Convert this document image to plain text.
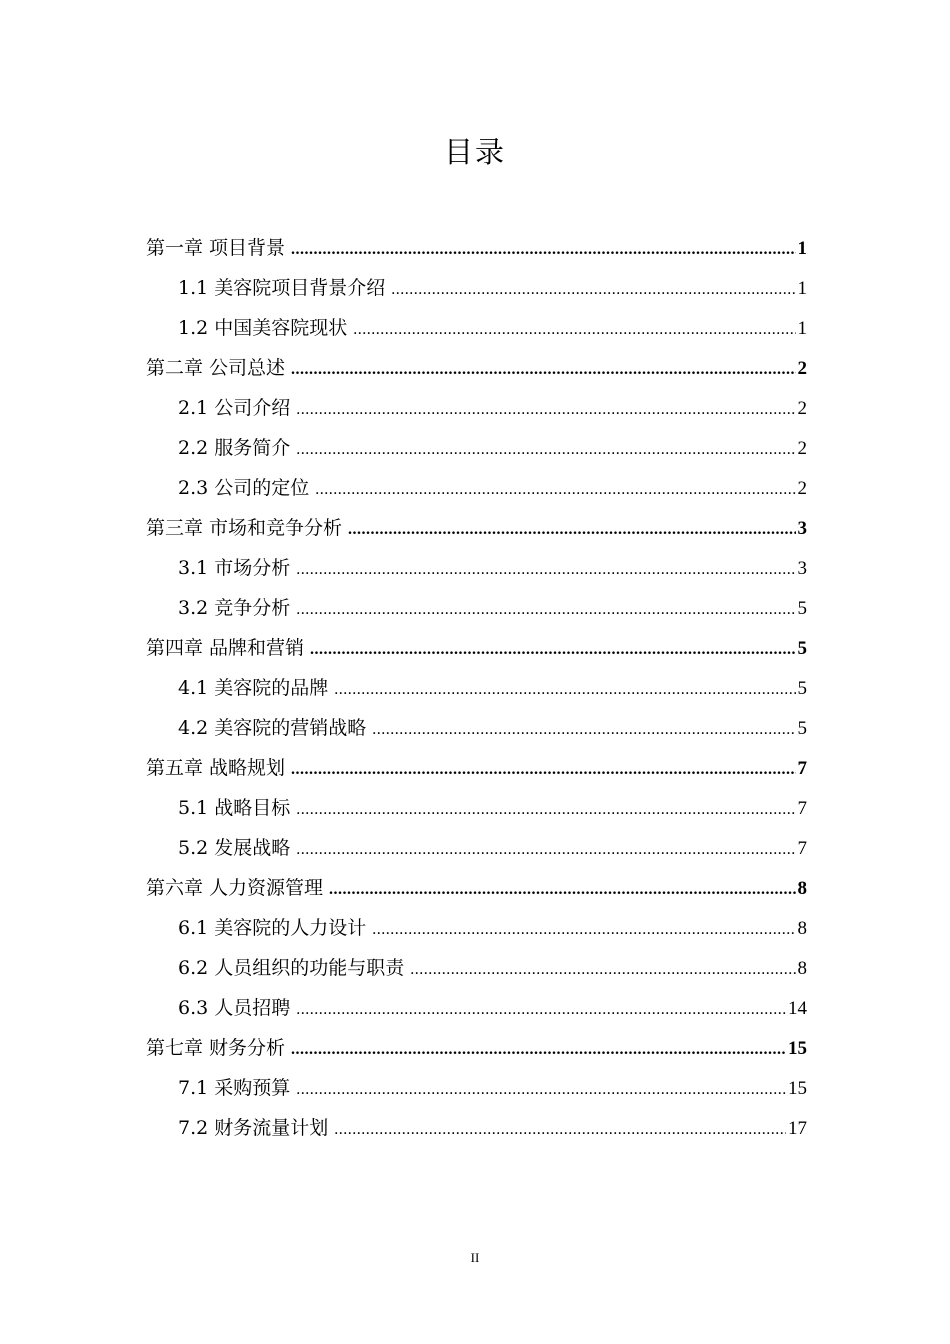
目录
第一章 项目背景 .....	1
1.1 美容院项目背景介绍 .....	1
1.2 中国美容院现状 .....	1
第二章 公司总述 .....	2
2.1 公司介绍 .....	2
2.2 服务简介 .....	2
2.3 公司的定位 .....	2
第三章 市场和竞争分析 .....	3
3.1 市场分析 .....	3
3.2 竞争分析 .....	5
第四章 品牌和营销 .....	5
4.1 美容院的品牌 .....	5
4.2 美容院的营销战略 .....	5
第五章 战略规划 .....	7
5.1 战略目标 .....	7
5.2 发展战略 .....	7
第六章 人力资源管理 .....	8
6.1 美容院的人力设计 .....	8
6.2 人员组织的功能与职责 .....	8
6.3 人员招聘 .....	14
第七章 财务分析 .....	15
7.1 采购预算 .....	15
7.2 财务流量计划 .....	17
II
